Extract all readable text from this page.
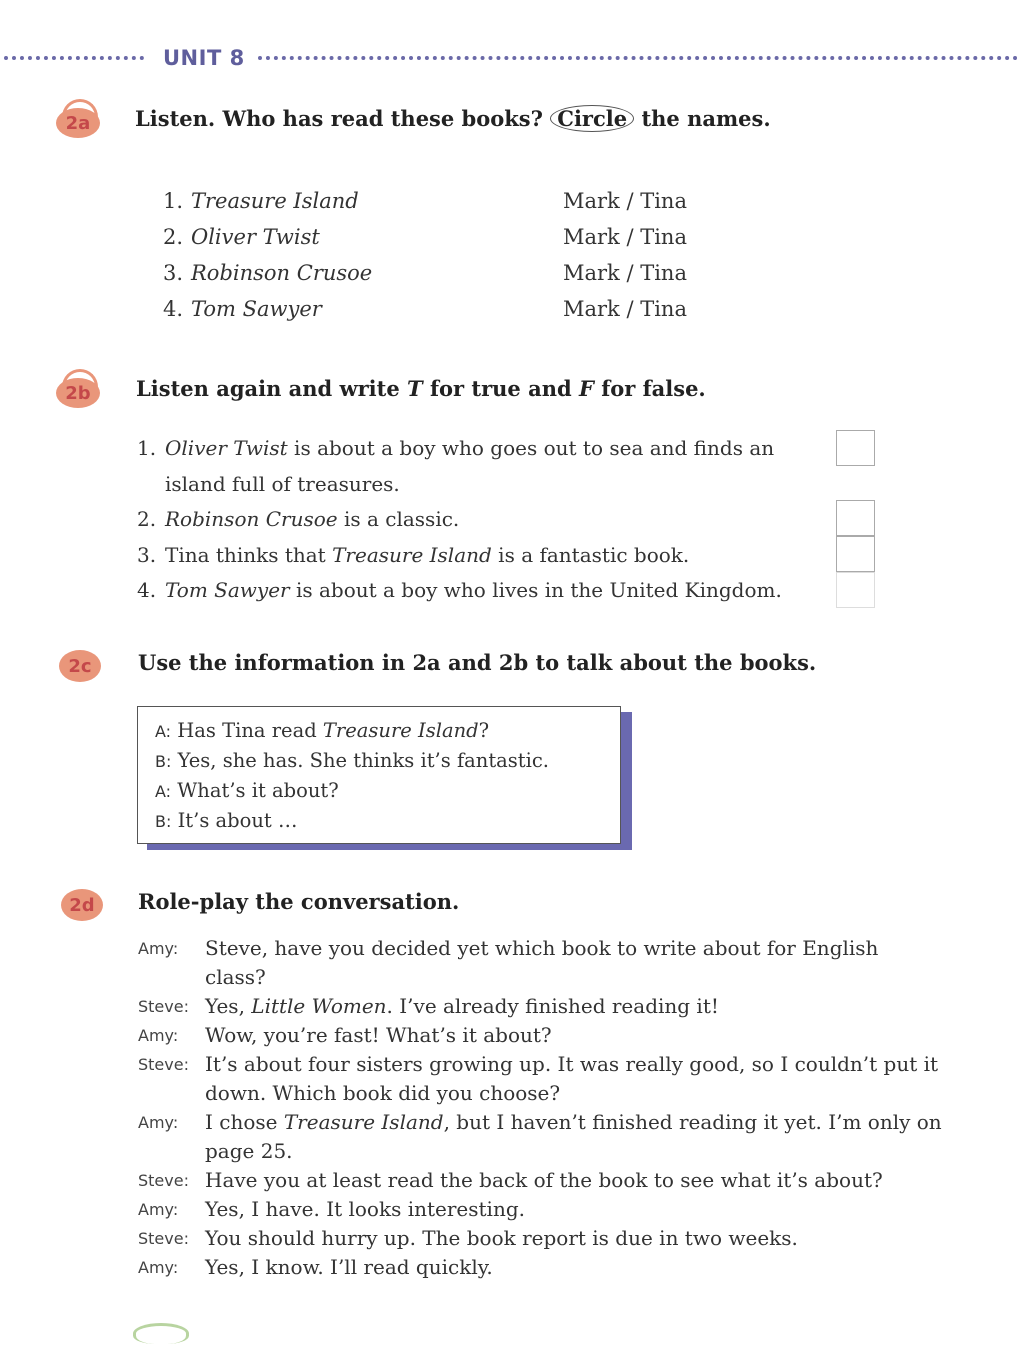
UNIT 8
2a Listen. Who has read these books? Circle the names.
1. Treasure Island	Mark / Tina
2. Oliver Twist	Mark / Tina
3. Robinson Crusoe	Mark / Tina
4. Tom Sawyer	Mark / Tina
2b Listen again and write T for true and F for false.
1. Oliver Twist is about a boy who goes out to sea and finds an
island full of treasures.
2. Robinson Crusoe is a classic.
3. Tina thinks that Treasure Island is a fantastic book.
4. Tom Sawyer is about a boy who lives in the United Kingdom.
2c Use the information in 2a and 2b to talk about the books.
A: Has Tina read Treasure Island?
B: Yes, she has. She thinks it’s fantastic.
A: What’s it about?
B: It’s about …
2d Role-play the conversation.
Amy:	Steve, have you decided yet which book to write about for English
class?
Steve: Yes, Little Women. I’ve already finished reading it!
Amy:	Wow, you’re fast! What’s it about?
Steve: It’s about four sisters growing up. It was really good, so I couldn’t put it
down. Which book did you choose?
Amy:	I chose Treasure Island, but I haven’t finished reading it yet. I’m only on
page 25.
Steve: Have you at least read the back of the book to see what it’s about?
Amy:	Yes, I have. It looks interesting.
Steve: You should hurry up. The book report is due in two weeks.
Amy:	Yes, I know. I’ll read quickly.
